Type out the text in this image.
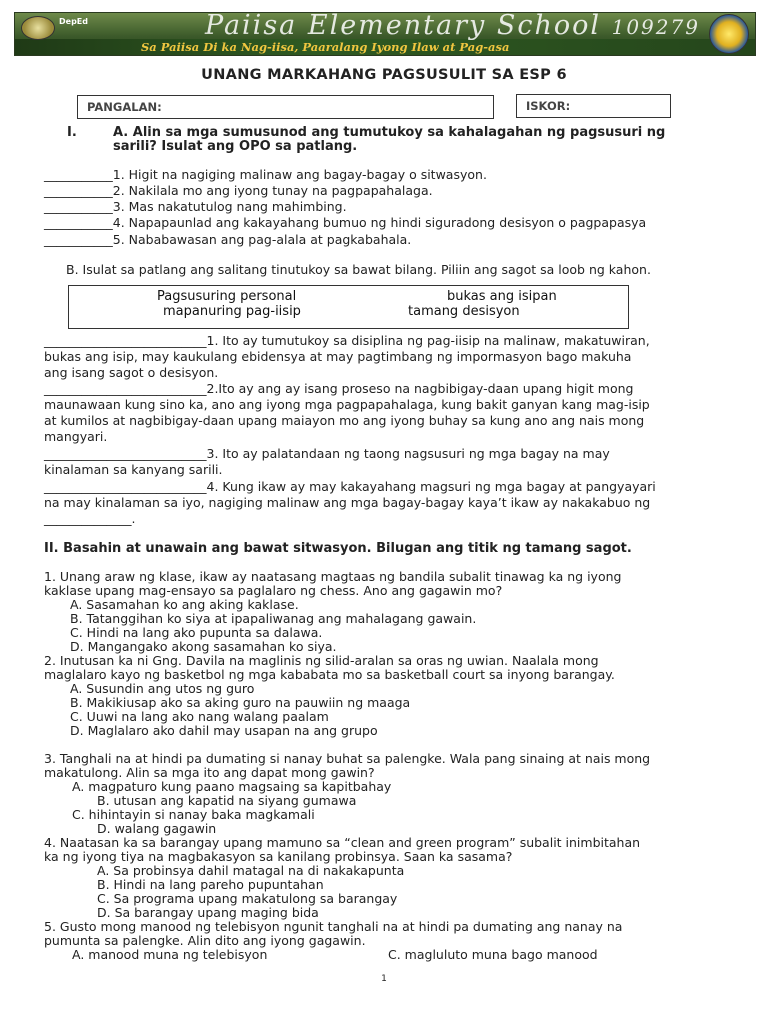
DepEd	Paiisa Elementary School 109279
Sa Paiisa Di ka Nag-iisa, Paaralang Iyong Ilaw at Pag-asa
UNANG MARKAHANG PAGSUSULIT SA ESP 6
PANGALAN:	ISKOR:
I.	A. Alin sa mga sumusunod ang tumutukoy sa kahalagahan ng pagsusuri ng
sarili? Isulat ang OPO sa patlang.
___________1. Higit na nagiging malinaw ang bagay-bagay o sitwasyon.
___________2. Nakilala mo ang iyong tunay na pagpapahalaga.
___________3. Mas nakatutulog nang mahimbing.
___________4. Napapaunlad ang kakayahang bumuo ng hindi siguradong desisyon o pagpapasya
___________5. Nababawasan ang pag-alala at pagkabahala.
B. Isulat sa patlang ang salitang tinutukoy sa bawat bilang. Piliin ang sagot sa loob ng kahon.
Pagsusuring personal	bukas ang isipan
mapanuring pag-iisip	tamang desisyon
__________________________1. Ito ay tumutukoy sa disiplina ng pag-iisip na malinaw, makatuwiran,
bukas ang isip, may kaukulang ebidensya at may pagtimbang ng impormasyon bago makuha
ang isang sagot o desisyon.
__________________________2.Ito ay ang ay isang proseso na nagbibigay-daan upang higit mong
maunawaan kung sino ka, ano ang iyong mga pagpapahalaga, kung bakit ganyan kang mag-isip
at kumilos at nagbibigay-daan upang maiayon mo ang iyong buhay sa kung ano ang nais mong
mangyari.
__________________________3. Ito ay palatandaan ng taong nagsusuri ng mga bagay na may
kinalaman sa kanyang sarili.
__________________________4. Kung ikaw ay may kakayahang magsuri ng mga bagay at pangyayari
na may kinalaman sa iyo, nagiging malinaw ang mga bagay-bagay kaya’t ikaw ay nakakabuo ng
______________.
II. Basahin at unawain ang bawat sitwasyon. Bilugan ang titik ng tamang sagot.
1. Unang araw ng klase, ikaw ay naatasang magtaas ng bandila subalit tinawag ka ng iyong
kaklase upang mag-ensayo sa paglalaro ng chess. Ano ang gagawin mo?
A. Sasamahan ko ang aking kaklase.
B. Tatanggihan ko siya at ipapaliwanag ang mahalagang gawain.
C. Hindi na lang ako pupunta sa dalawa.
D. Mangangako akong sasamahan ko siya.
2. Inutusan ka ni Gng. Davila na maglinis ng silid-aralan sa oras ng uwian. Naalala mong
maglalaro kayo ng basketbol ng mga kababata mo sa basketball court sa inyong barangay.
A. Susundin ang utos ng guro
B. Makikiusap ako sa aking guro na pauwiin ng maaga
C. Uuwi na lang ako nang walang paalam
D. Maglalaro ako dahil may usapan na ang grupo
3. Tanghali na at hindi pa dumating si nanay buhat sa palengke. Wala pang sinaing at nais mong
makatulong. Alin sa mga ito ang dapat mong gawin?
A. magpaturo kung paano magsaing sa kapitbahay
B. utusan ang kapatid na siyang gumawa
C. hihintayin si nanay baka magkamali
D. walang gagawin
4. Naatasan ka sa barangay upang mamuno sa “clean and green program” subalit inimbitahan
ka ng iyong tiya na magbakasyon sa kanilang probinsya. Saan ka sasama?
A. Sa probinsya dahil matagal na di nakakapunta
B. Hindi na lang pareho pupuntahan
C. Sa programa upang makatulong sa barangay
D. Sa barangay upang maging bida
5. Gusto mong manood ng telebisyon ngunit tanghali na at hindi pa dumating ang nanay na
pumunta sa palengke. Alin dito ang iyong gagawin.
A. manood muna ng telebisyon	C. magluluto muna bago manood
1
